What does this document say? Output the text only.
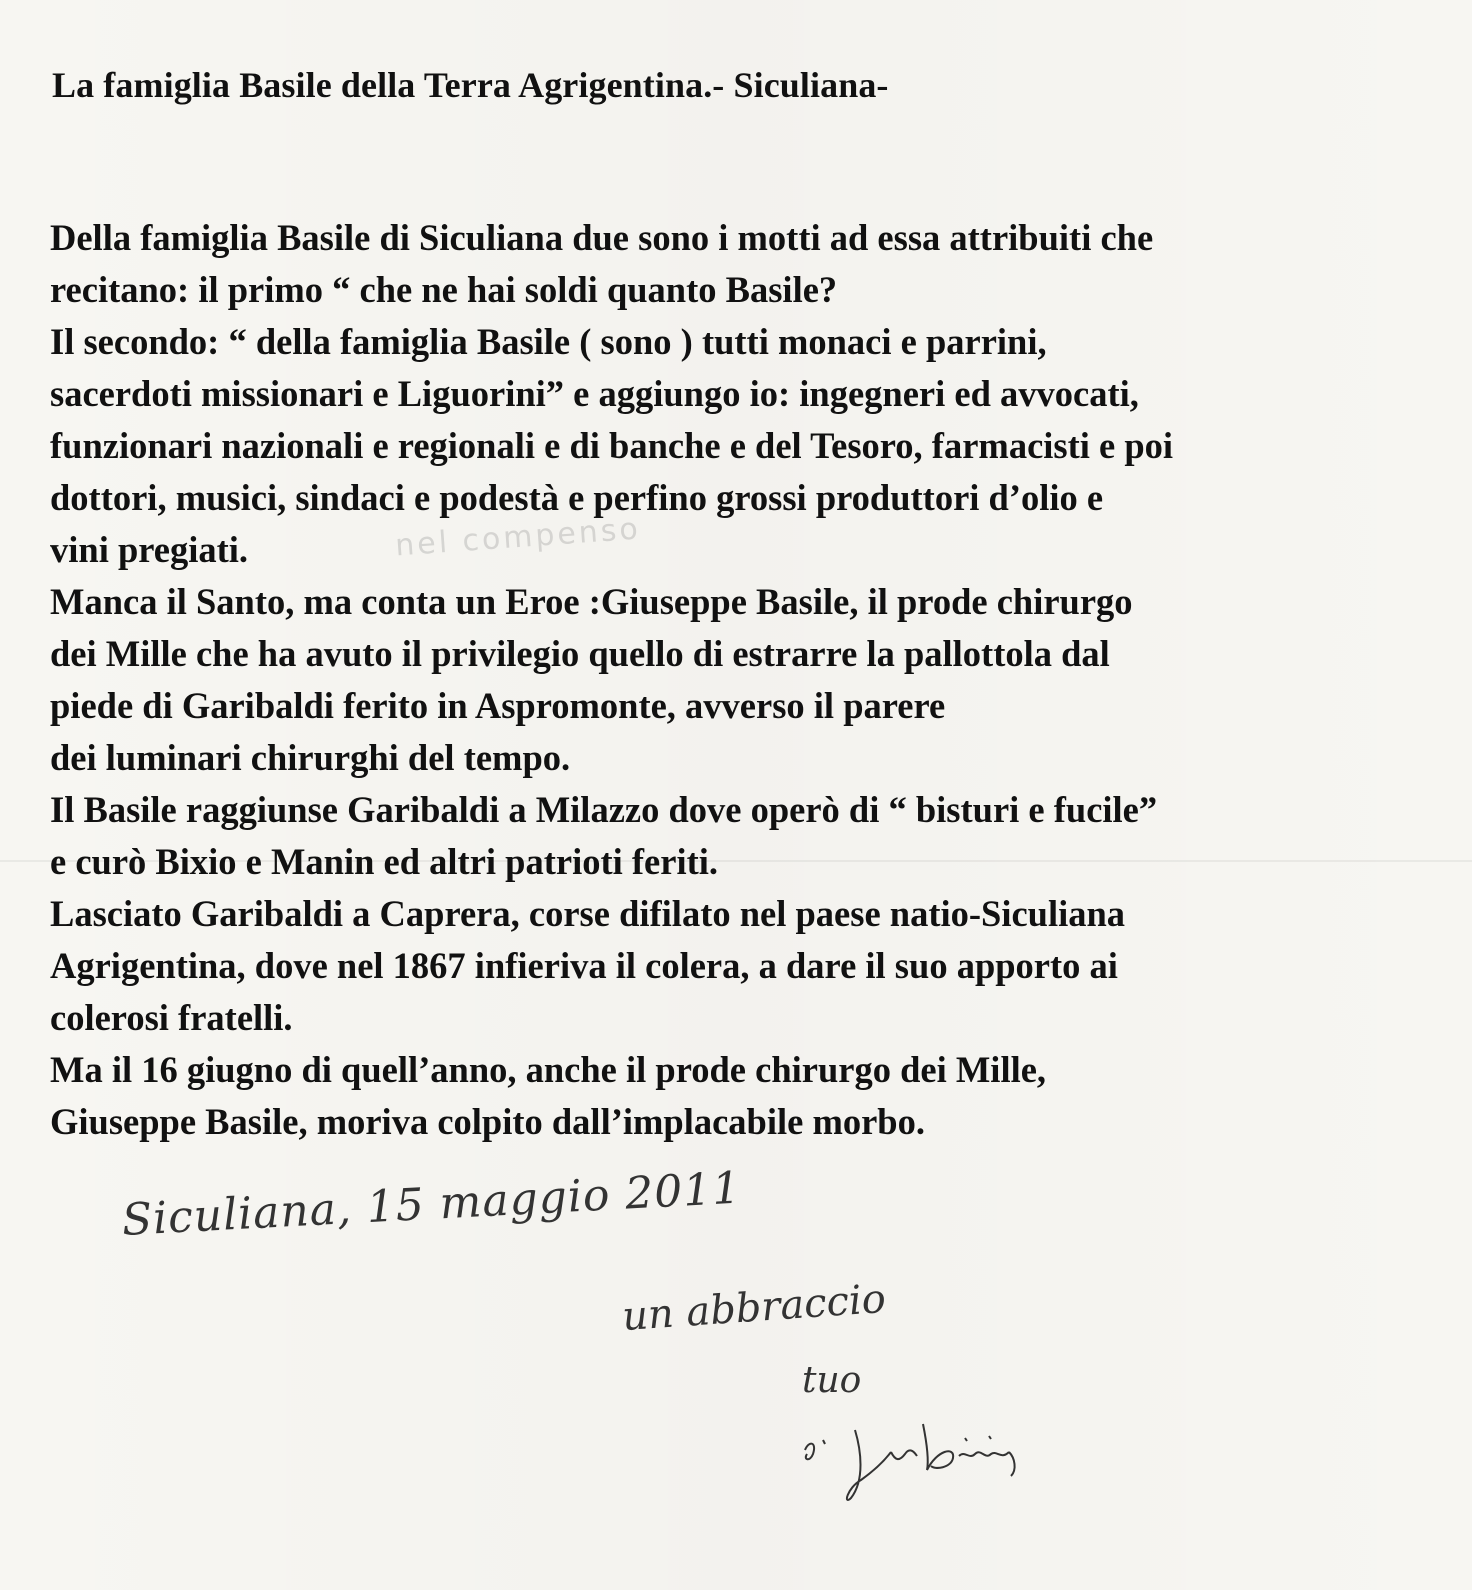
La famiglia Basile della Terra Agrigentina.- Siculiana-
nel compenso
Della famiglia Basile di Siculiana due sono i motti ad essa attribuiti che
recitano: il primo “ che ne hai soldi quanto Basile?
Il secondo: “ della famiglia Basile ( sono ) tutti monaci e parrini,
sacerdoti missionari e Liguorini” e aggiungo io: ingegneri ed avvocati,
funzionari nazionali e regionali e di banche e del Tesoro, farmacisti e poi
dottori, musici, sindaci e podestà e perfino grossi produttori d’olio e
vini pregiati.
Manca il Santo, ma conta un Eroe :Giuseppe Basile, il prode chirurgo
dei Mille che ha avuto il privilegio quello di estrarre la pallottola dal
piede di Garibaldi ferito in Aspromonte, avverso il parere
dei luminari chirurghi del tempo.
Il Basile raggiunse Garibaldi a Milazzo dove operò di “ bisturi e fucile”
e curò Bixio e Manin ed altri patrioti feriti.
Lasciato Garibaldi a Caprera, corse difilato nel paese natio-Siculiana
Agrigentina, dove nel 1867 infieriva il colera, a dare il suo apporto ai
colerosi fratelli.
Ma il 16 giugno di quell’anno, anche il prode chirurgo dei Mille,
Giuseppe Basile, moriva colpito dall’implacabile morbo.
Siculiana, 15 maggio 2011
un abbraccio
tuo
